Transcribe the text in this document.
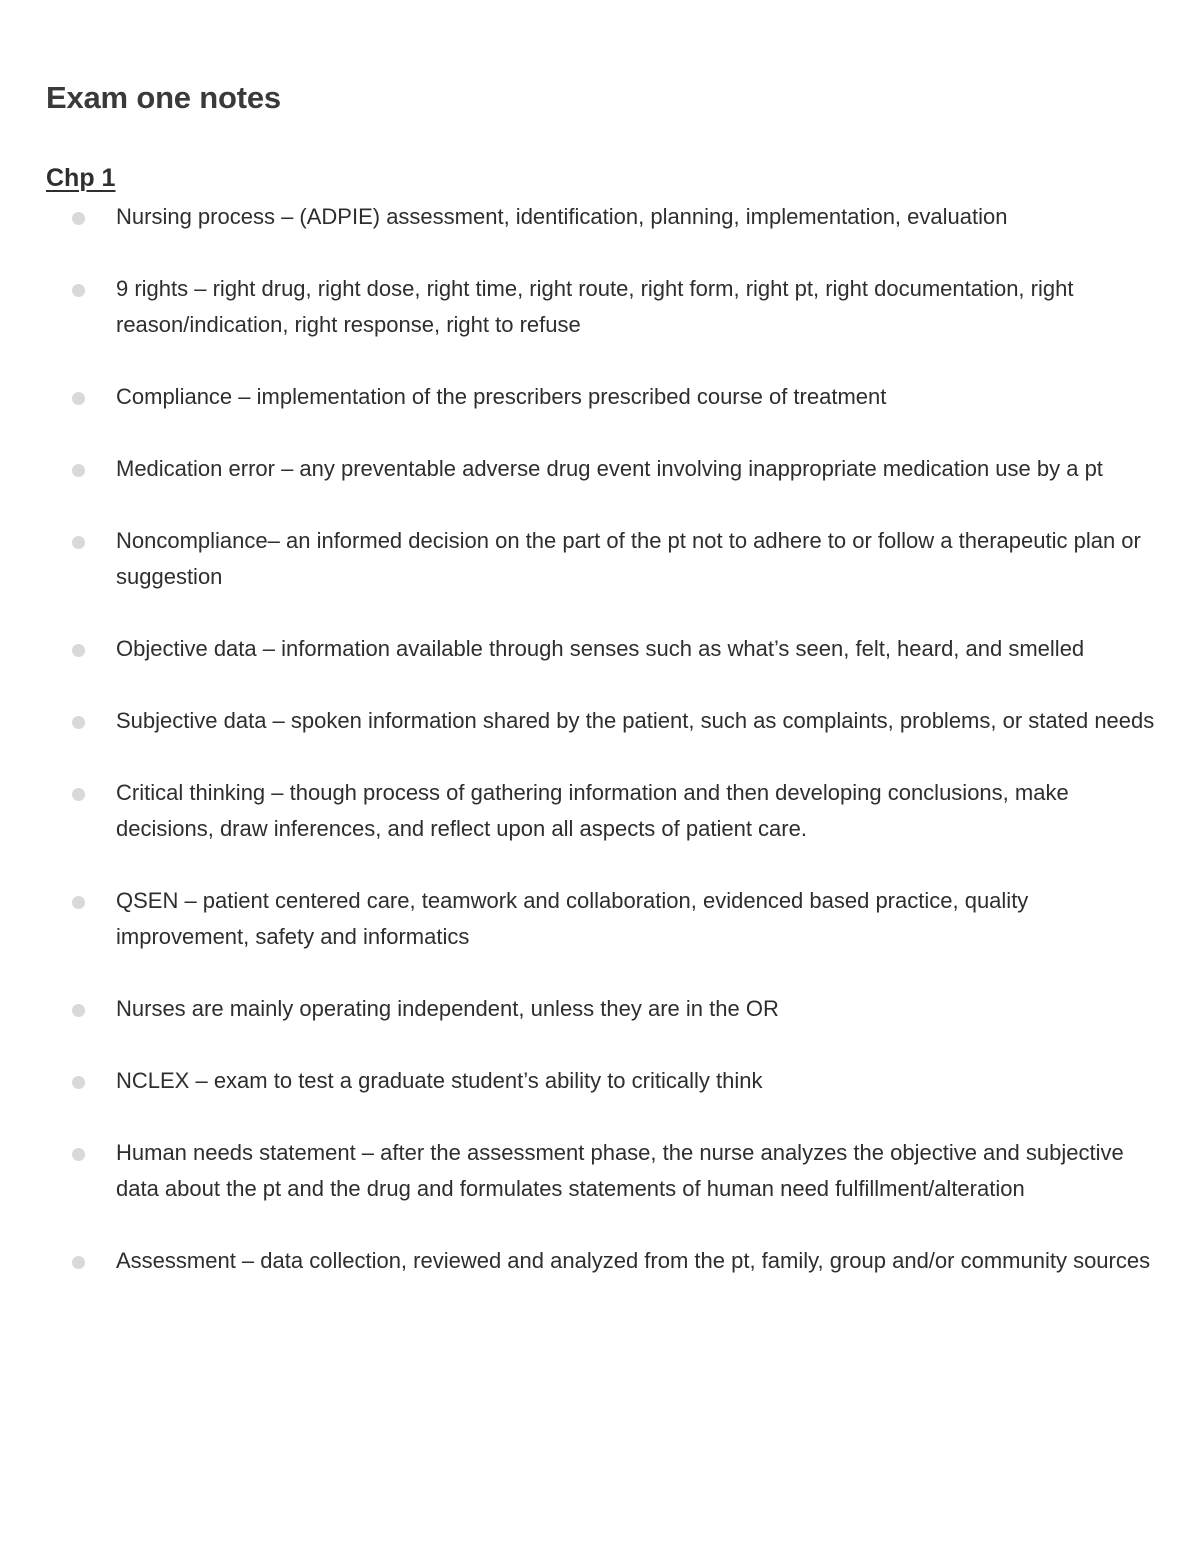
Exam one notes
Chp 1
Nursing process – (ADPIE) assessment, identification, planning, implementation, evaluation
9 rights – right drug, right dose, right time, right route, right form, right pt, right documentation, right reason/indication, right response, right to refuse
Compliance – implementation of the prescribers prescribed course of treatment
Medication error – any preventable adverse drug event involving inappropriate medication use by a pt
Noncompliance– an informed decision on the part of the pt not to adhere to or follow a therapeutic plan or suggestion
Objective data – information available through senses such as what’s seen, felt, heard, and smelled
Subjective data – spoken information shared by the patient, such as complaints, problems, or stated needs
Critical thinking – though process of gathering information and then developing conclusions, make decisions, draw inferences, and reflect upon all aspects of patient care.
QSEN – patient centered care, teamwork and collaboration, evidenced based practice, quality improvement, safety and informatics
Nurses are mainly operating independent, unless they are in the OR
NCLEX – exam to test a graduate student’s ability to critically think
Human needs statement – after the assessment phase, the nurse analyzes the objective and subjective data about the pt and the drug and formulates statements of human need fulfillment/alteration
Assessment – data collection, reviewed and analyzed from the pt, family, group and/or community sources
